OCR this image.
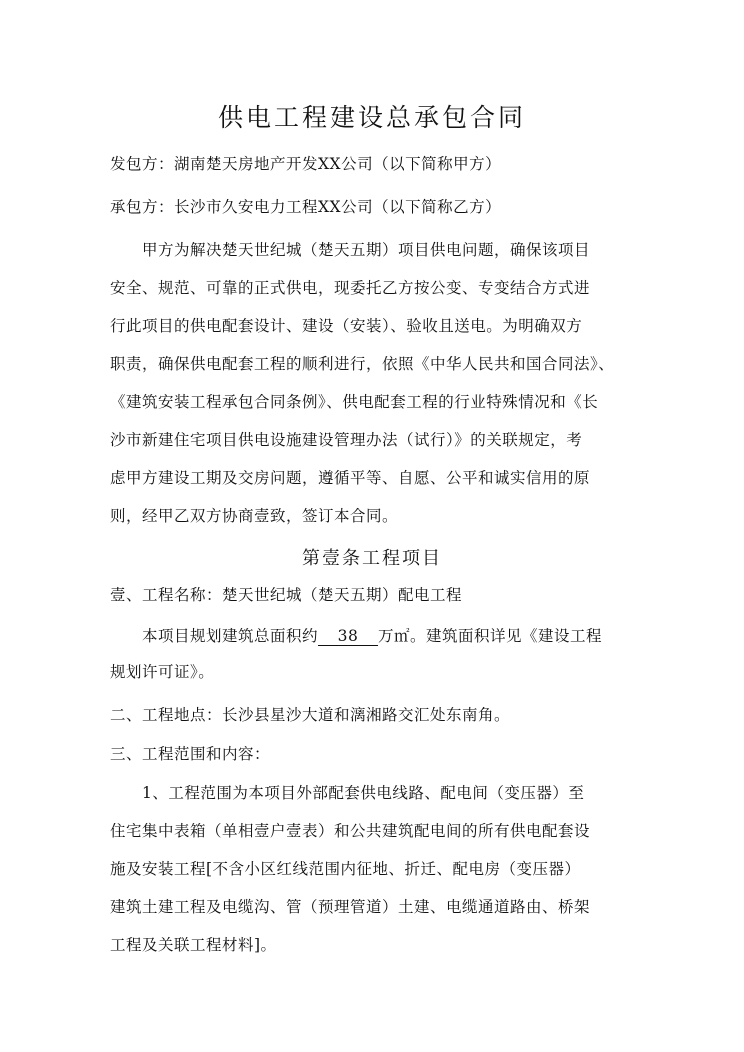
供电工程建设总承包合同
发包方：湖南楚天房地产开发XX公司（以下简称甲方）
承包方：长沙市久安电力工程XX公司（以下简称乙方）
　　甲方为解决楚天世纪城（楚天五期）项目供电问题，确保该项目
安全、规范、可靠的正式供电，现委托乙方按公变、专变结合方式进
行此项目的供电配套设计、建设（安装）、验收且送电。为明确双方
职责，确保供电配套工程的顺利进行，依照《中华人民共和国合同法》、
《建筑安装工程承包合同条例》、供电配套工程的行业特殊情况和《长
沙市新建住宅项目供电设施建设管理办法（试行）》的关联规定，考
虑甲方建设工期及交房问题，遵循平等、自愿、公平和诚实信用的原
则，经甲乙双方协商壹致，签订本合同。
第壹条工程项目
壹、工程名称：楚天世纪城（楚天五期）配电工程
　　本项目规划建筑总面积约 38 万㎡。建筑面积详见《建设工程
规划许可证》。
二、工程地点：长沙县星沙大道和漓湘路交汇处东南角。
三、工程范围和内容：
　　1、工程范围为本项目外部配套供电线路、配电间（变压器）至
住宅集中表箱（单相壹户壹表）和公共建筑配电间的所有供电配套设
施及安装工程[不含小区红线范围内征地、折迁、配电房（变压器）
建筑土建工程及电缆沟、管（预理管道）土建、电缆通道路由、桥架
工程及关联工程材料]。
